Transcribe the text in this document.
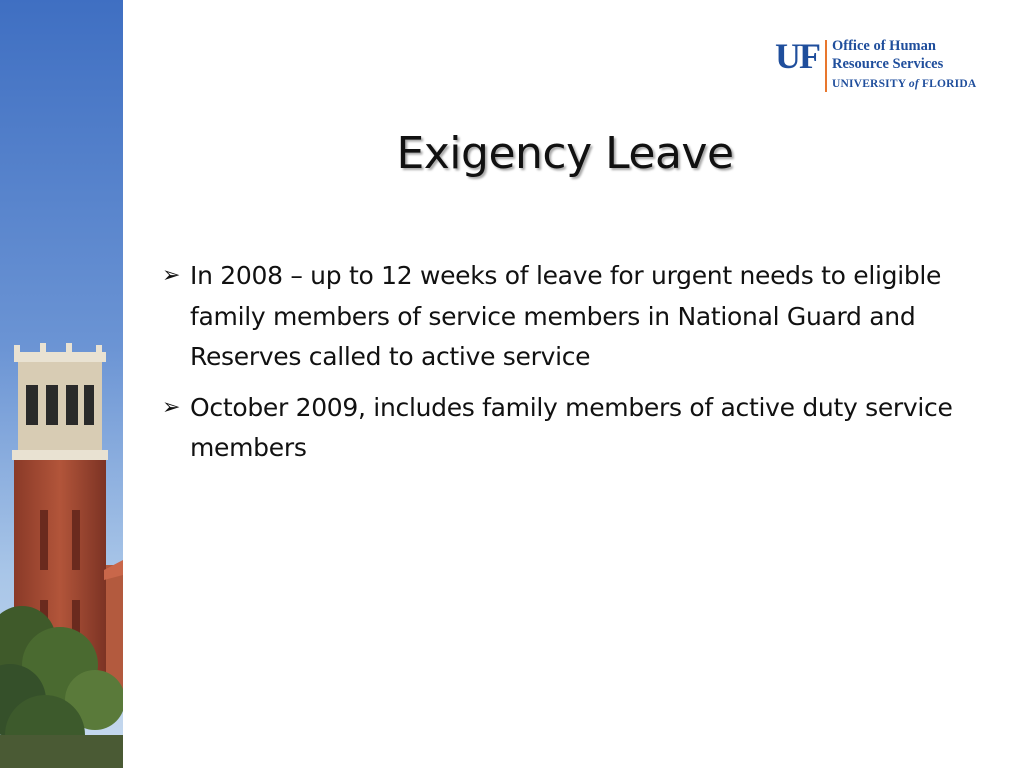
UF Office of Human
Resource Services
UNIVERSITY of FLORIDA
Exigency Leave
➢ In 2008 – up to 12 weeks of leave for urgent needs to eligible family members of service members in National Guard and Reserves called to active service
➢ October 2009, includes family members of active duty service members
